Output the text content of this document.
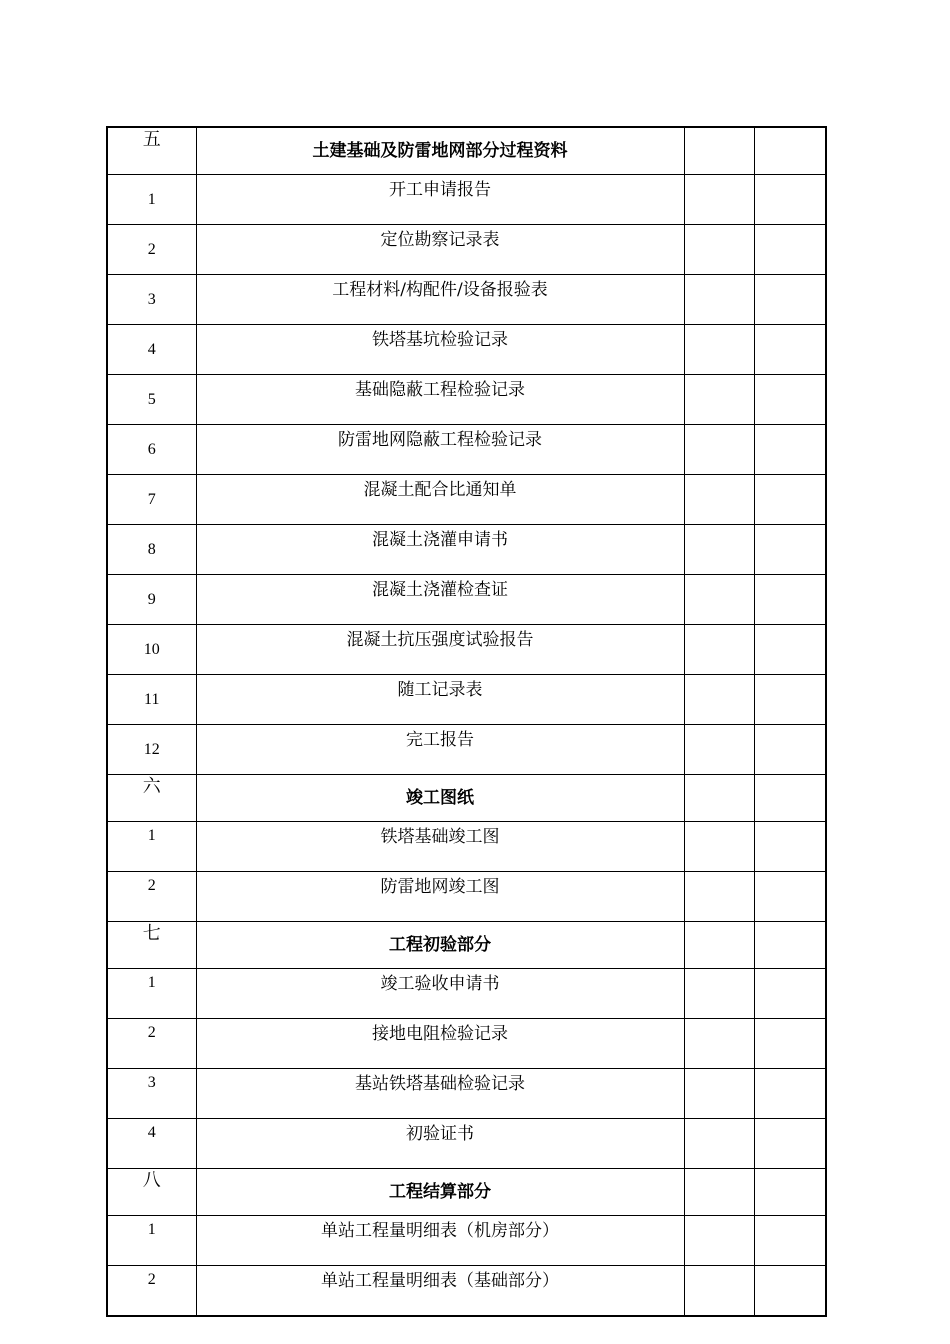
五	土建基础及防雷地网部分过程资料		
1	开工申请报告		
2	定位勘察记录表		
3	工程材料/构配件/设备报验表		
4	铁塔基坑检验记录		
5	基础隐蔽工程检验记录		
6	防雷地网隐蔽工程检验记录		
7	混凝土配合比通知单		
8	混凝土浇灌申请书		
9	混凝土浇灌检查证		
10	混凝土抗压强度试验报告		
11	随工记录表		
12	完工报告		
六	竣工图纸		
1	铁塔基础竣工图		
2	防雷地网竣工图		
七	工程初验部分		
1	竣工验收申请书		
2	接地电阻检验记录		
3	基站铁塔基础检验记录		
4	初验证书		
八	工程结算部分		
1	单站工程量明细表（机房部分）		
2	单站工程量明细表（基础部分）		
